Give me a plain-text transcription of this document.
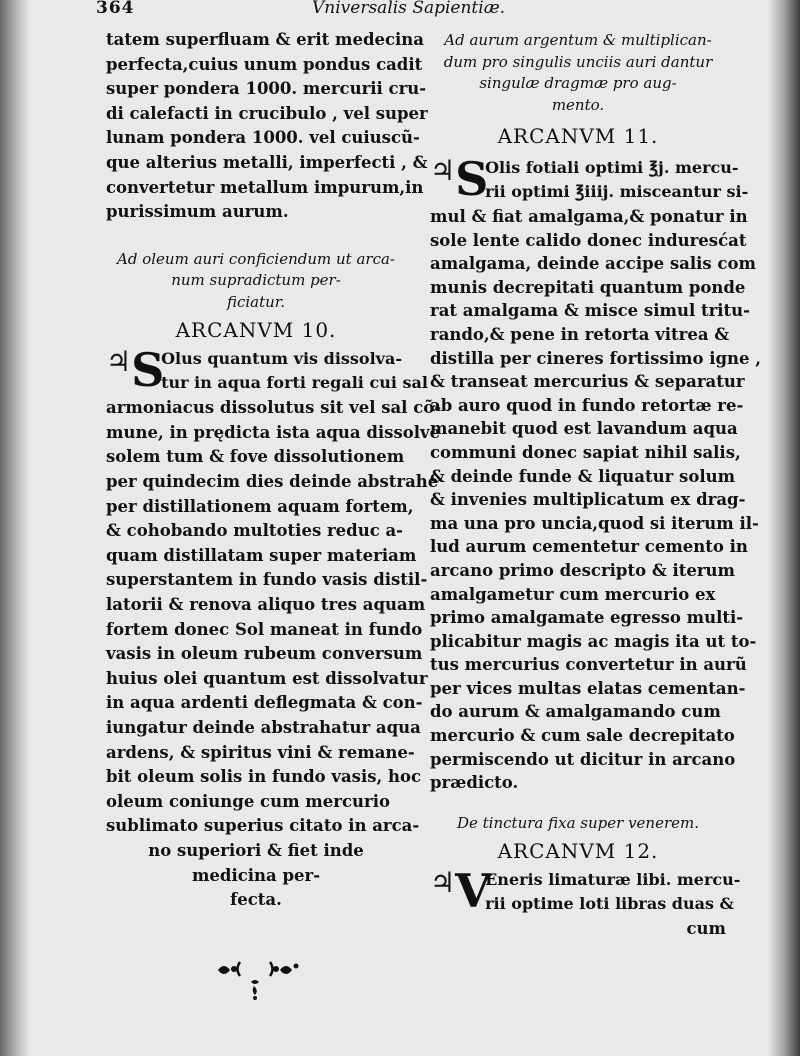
364	Vniversalis Sapientiæ.
tatem superfluam & erit medecina
perfecta,cuius unum pondus cadit
super pondera 1000. mercurii cru-
di calefacti in crucibulo , vel super
lunam pondera 1000. vel cuiuscũ-
que alterius metalli, imperfecti , &
convertetur metallum impurum,in
purissimum aurum.
Ad oleum auri conficiendum ut arca-
num supradictum per-
ficiatur.
ARCANVM 10.
♃ S
Olus quantum vis dissolva-
tur in aqua forti regali cui sal
armoniacus dissolutus sit vel sal cõ-
mune, in prędicta ista aqua dissolve
solem tum & fove dissolutionem
per quindecim dies deinde abstrahe
per distillationem aquam fortem,
& cohobando multoties reduc a-
quam distillatam super materiam
superstantem in fundo vasis distil-
latorii & renova aliquo tres aquam
fortem donec Sol maneat in fundo
vasis in oleum rubeum conversum
huius olei quantum est dissolvatur
in aqua ardenti deflegmata & con-
iungatur deinde abstrahatur aqua
ardens, & spiritus vini & remane-
bit oleum solis in fundo vasis, hoc
oleum coniunge cum mercurio
sublimato superius citato in arca-
no superiori & fiet inde
medicina per-
fecta.
Ad aurum argentum & multiplican-
dum pro singulis unciis auri dantur
singulæ dragmæ pro aug-
mento.
ARCANVM 11.
♃ S
Olis fotiali optimi ℥j. mercu-
rii optimi ℥iiij. misceantur si-
mul & fiat amalgama,& ponatur in
sole lente calido donec induresćat
amalgama, deinde accipe salis com
munis decrepitati quantum ponde
rat amalgama & misce simul tritu-
rando,& pene in retorta vitrea &
distilla per cineres fortissimo igne ,
& transeat mercurius & separatur
ab auro quod in fundo retortæ re-
manebit quod est lavandum aqua
communi donec sapiat nihil salis,
& deinde funde & liquatur solum
& invenies multiplicatum ex drag-
ma una pro uncia,quod si iterum il-
lud aurum cementetur cemento in
arcano primo descripto & iterum
amalgametur cum mercurio ex
primo amalgamate egresso multi-
plicabitur magis ac magis ita ut to-
tus mercurius convertetur in aurũ
per vices multas elatas cementan-
do aurum & amalgamando cum
mercurio & cum sale decrepitato
permiscendo ut dicitur in arcano
prædicto.
De tinctura fixa super venerem.
ARCANVM 12.
♃ V
Eneris limaturæ libi. mercu-
rii optime loti libras duas &
cum
